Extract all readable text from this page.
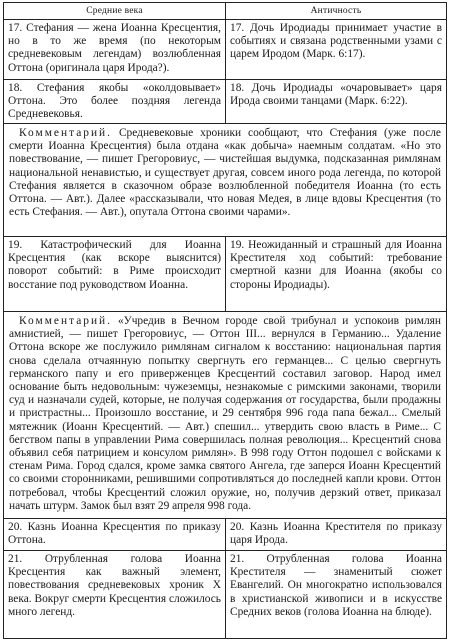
Средние века	Античность

17. Стефания — жена Иоанна Кресцентия, но в то же время (по некоторым средневековым легендам) возлюбленная Оттона (оригинала царя Ирода?).

17. Дочь Иродиады принимает участие в событиях и связана родственными узами с царем Иродом (Марк. 6:17).

18. Стефания якобы «околдовывает» Оттона. Это более поздняя легенда Средневековья.

18. Дочь Иродиады «очаровывает» царя Ирода своими танцами (Марк. 6:22).

Комментарий. Средневековые хроники сообщают, что Стефания (уже после смерти Иоанна Кресцентия) была отдана «как добыча» наемным солдатам. «Но это повествование, — пишет Грегоровиус, — чистейшая выдумка, подсказанная римлянам национальной ненавистью, и существует другая, совсем иного рода легенда, по которой Стефания является в сказочном образе возлюбленной победителя Иоанна (то есть Оттона. — Авт.). Далее «рассказывали, что новая Медея, в лице вдовы Кресцентия (то есть Стефания. — Авт.), опутала Оттона своими чарами».

19. Катастрофический для Иоанна Кресцентия (как вскоре выяснится) поворот событий: в Риме происходит восстание под руководством Иоанна.

19. Неожиданный и страшный для Иоанна Крестителя ход событий: требование смертной казни для Иоанна (якобы со стороны Иродиады).

Комментарий. «Учредив в Вечном городе свой трибунал и успокоив римлян амнистией, — пишет Грегоровиус, — Оттон III... вернулся в Германию... Удаление Оттона вскоре же послужило римлянам сигналом к восстанию: национальная партия снова сделала отчаянную попытку свергнуть его германцев... С целью свергнуть германского папу и его приверженцев Кресцентий составил заговор. Народ имел основание быть недовольным: чужеземцы, незнакомые с римскими законами, творили суд и назначали судей, которые, не получая содержания от государства, были продажны и пристрастны... Произошло восстание, и 29 сентября 996 года папа бежал... Смелый мятежник (Иоанн Кресцентий. — Авт.) спешил... утвердить свою власть в Риме... С бегством папы в управлении Рима совершилась полная революция... Кресцентий снова объявил себя патрицием и консулом римлян». В 998 году Оттон подошел с войсками к стенам Рима. Город сдался, кроме замка святого Ангела, где заперся Иоанн Кресцентий со своими сторонниками, решившими сопротивляться до последней капли крови. Оттон потребовал, чтобы Кресцентий сложил оружие, но, получив дерзкий ответ, приказал начать штурм. Замок был взят 29 апреля 998 года.

20. Казнь Иоанна Кресцентия по приказу Оттона.

20. Казнь Иоанна Крестителя по приказу царя Ирода.

21. Отрубленная голова Иоанна Кресцентия как важный элемент, повествования средневековых хроник X века. Вокруг смерти Кресцентия сложилось много легенд.

21. Отрубленная голова Иоанна Крестителя — знаменитый сюжет Евангелий. Он многократно использовался в христианской живописи и в искусстве Средних веков (голова Иоанна на блюде).
